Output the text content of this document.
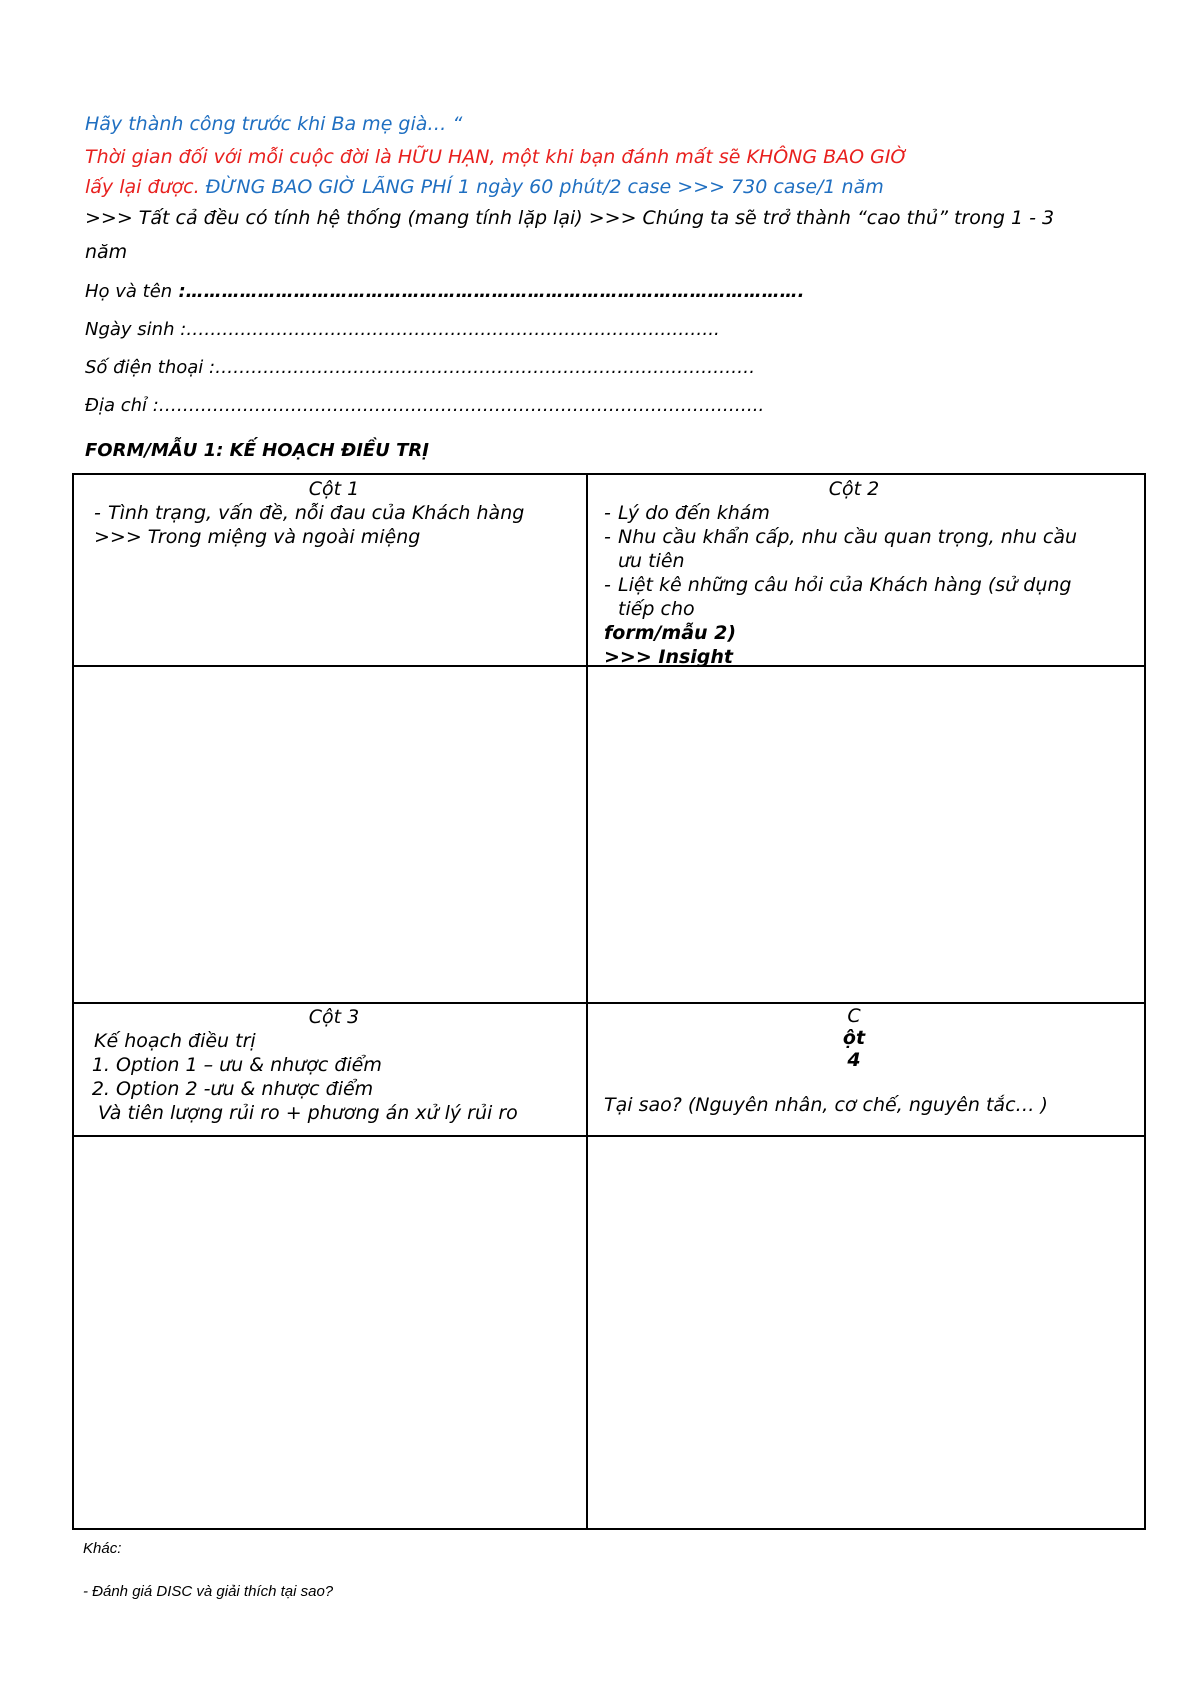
Hãy thành công trước khi Ba mẹ già… “
Thời gian đối với mỗi cuộc đời là HỮU HẠN, một khi bạn đánh mất sẽ KHÔNG BAO GIỜ
lấy lại được. ĐỪNG BAO GIỜ LÃNG PHÍ 1 ngày 60 phút/2 case >>> 730 case/1 năm
>>> Tất cả đều có tính hệ thống (mang tính lặp lại) >>> Chúng ta sẽ trở thành “cao thủ” trong 1 - 3
năm
Họ và tên :………………………………………………………………………………………….
Ngày sinh :……………………………………………………………………………..
Số điện thoại :………………………………………………………………………………
Địa chỉ :………………………………………………………………………………………..
FORM/MẪU 1: KẾ HOẠCH ĐIỀU TRỊ
Cột 1
- Tình trạng, vấn đề, nỗi đau của Khách hàng
>>> Trong miệng và ngoài miệng
Cột 2
- Lý do đến khám
- Nhu cầu khẩn cấp, nhu cầu quan trọng, nhu cầu ưu tiên
- Liệt kê những câu hỏi của Khách hàng (sử dụng tiếp cho
form/mẫu 2)
>>> Insight
Cột 3
Kế hoạch điều trị
1. Option 1 – ưu & nhược điểm
2. Option 2 -ưu & nhược điểm
Và tiên lượng rủi ro + phương án xử lý rủi ro
C
ột
4
Tại sao? (Nguyên nhân, cơ chế, nguyên tắc… )
Khác:
- Đánh giá DISC và giải thích tại sao?
